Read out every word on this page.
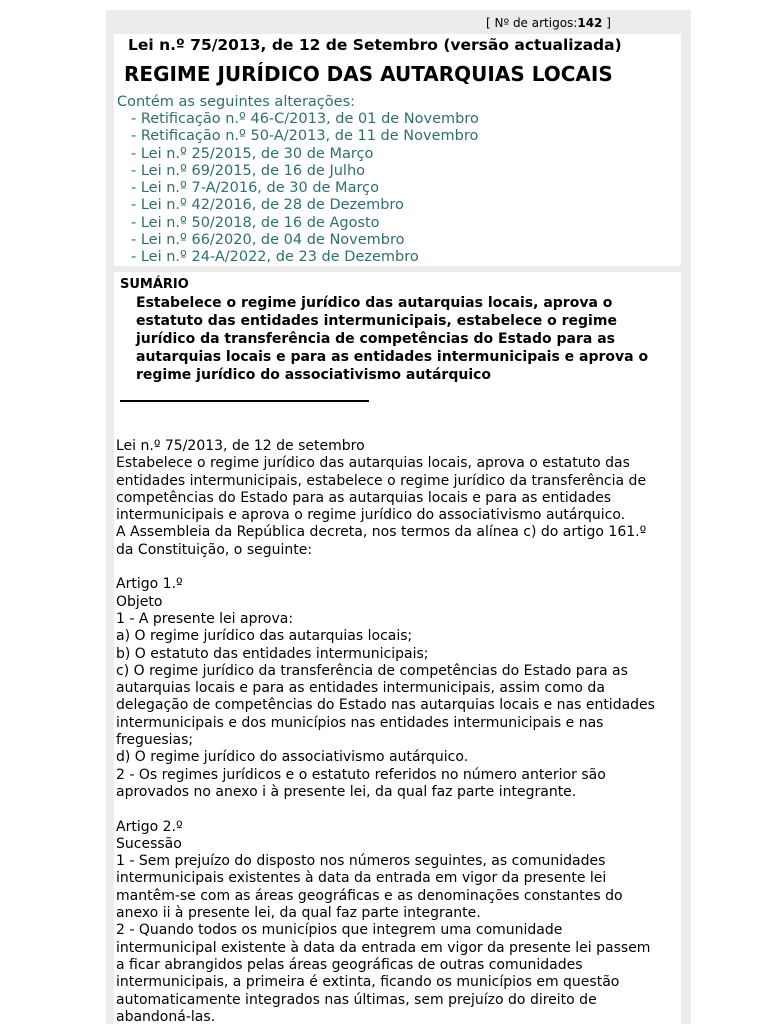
[ Nº de artigos:142 ]
Lei n.º 75/2013, de 12 de Setembro (versão actualizada)
REGIME JURÍDICO DAS AUTARQUIAS LOCAIS
Contém as seguintes alterações:
- Retificação n.º 46-C/2013, de 01 de Novembro
- Retificação n.º 50-A/2013, de 11 de Novembro
- Lei n.º 25/2015, de 30 de Março
- Lei n.º 69/2015, de 16 de Julho
- Lei n.º 7-A/2016, de 30 de Março
- Lei n.º 42/2016, de 28 de Dezembro
- Lei n.º 50/2018, de 16 de Agosto
- Lei n.º 66/2020, de 04 de Novembro
- Lei n.º 24-A/2022, de 23 de Dezembro
SUMÁRIO
Estabelece o regime jurídico das autarquias locais, aprova o estatuto das entidades intermunicipais, estabelece o regime jurídico da transferência de competências do Estado para as autarquias locais e para as entidades intermunicipais e aprova o regime jurídico do associativismo autárquico
Lei n.º 75/2013, de 12 de setembro
Estabelece o regime jurídico das autarquias locais, aprova o estatuto das
entidades intermunicipais, estabelece o regime jurídico da transferência de
competências do Estado para as autarquias locais e para as entidades
intermunicipais e aprova o regime jurídico do associativismo autárquico.
A Assembleia da República decreta, nos termos da alínea c) do artigo 161.º
da Constituição, o seguinte:
Artigo 1.º
Objeto
1 - A presente lei aprova:
a) O regime jurídico das autarquias locais;
b) O estatuto das entidades intermunicipais;
c) O regime jurídico da transferência de competências do Estado para as
autarquias locais e para as entidades intermunicipais, assim como da
delegação de competências do Estado nas autarquias locais e nas entidades
intermunicipais e dos municípios nas entidades intermunicipais e nas
freguesias;
d) O regime jurídico do associativismo autárquico.
2 - Os regimes jurídicos e o estatuto referidos no número anterior são
aprovados no anexo i à presente lei, da qual faz parte integrante.
Artigo 2.º
Sucessão
1 - Sem prejuízo do disposto nos números seguintes, as comunidades
intermunicipais existentes à data da entrada em vigor da presente lei
mantêm-se com as áreas geográficas e as denominações constantes do
anexo ii à presente lei, da qual faz parte integrante.
2 - Quando todos os municípios que integrem uma comunidade
intermunicipal existente à data da entrada em vigor da presente lei passem
a ficar abrangidos pelas áreas geográficas de outras comunidades
intermunicipais, a primeira é extinta, ficando os municípios em questão
automaticamente integrados nas últimas, sem prejuízo do direito de
abandoná-las.
